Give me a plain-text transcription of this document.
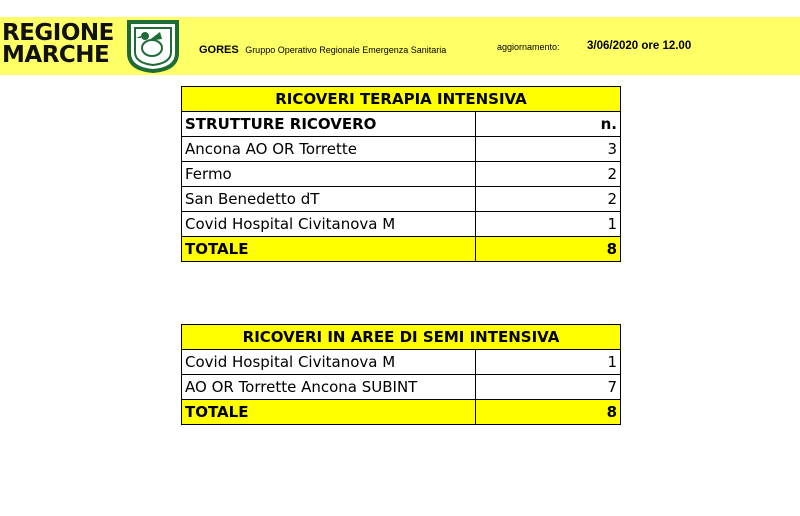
REGIONE
MARCHE	GORES Gruppo Operativo Regionale Emergenza Sanitaria	aggiornamento: 3/06/2020 ore 12.00
RICOVERI TERAPIA INTENSIVA	
STRUTTURE RICOVERO	n.
Ancona AO OR Torrette	3
Fermo	2
San Benedetto dT	2
Covid Hospital Civitanova M	1
TOTALE	8
RICOVERI IN AREE DI SEMI INTENSIVA	
Covid Hospital Civitanova M	1
AO OR Torrette Ancona SUBINT	7
TOTALE	8
